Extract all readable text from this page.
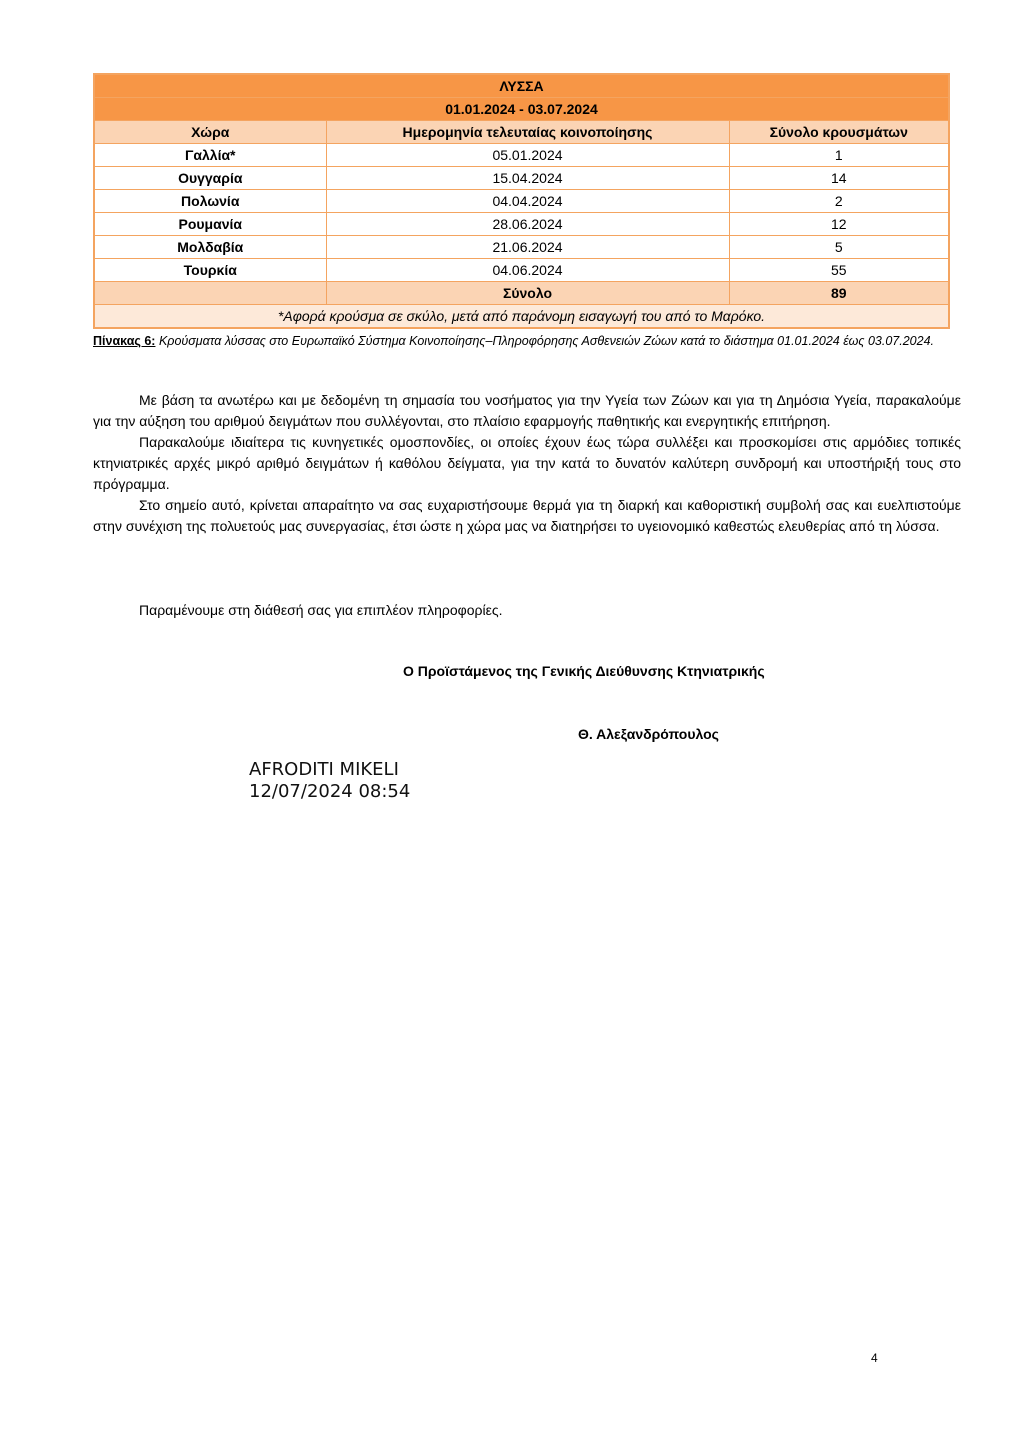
ΛΥΣΣΑ		
01.01.2024 - 03.07.2024		
Χώρα	Ημερομηνία τελευταίας κοινοποίησης	Σύνολο κρουσμάτων
Γαλλία*	05.01.2024	1
Ουγγαρία	15.04.2024	14
Πολωνία	04.04.2024	2
Ρουμανία	28.06.2024	12
Μολδαβία	21.06.2024	5
Τουρκία	04.06.2024	55
	Σύνολο	89
*Αφορά κρούσμα σε σκύλο, μετά από παράνομη εισαγωγή του από το Μαρόκο.		
Πίνακας 6: Κρούσματα λύσσας στο Ευρωπαϊκό Σύστημα Κοινοποίησης–Πληροφόρησης Ασθενειών Ζώων κατά το διάστημα 01.01.2024 έως 03.07.2024.

Με βάση τα ανωτέρω και με δεδομένη τη σημασία του νοσήματος για την Υγεία των Ζώων και για τη Δημόσια Υγεία, παρακαλούμε για την αύξηση του αριθμού δειγμάτων που συλλέγονται, στο πλαίσιο εφαρμογής παθητικής και ενεργητικής επιτήρηση.

Παρακαλούμε ιδιαίτερα τις κυνηγετικές ομοσπονδίες, οι οποίες έχουν έως τώρα συλλέξει και προσκομίσει στις αρμόδιες τοπικές κτηνιατρικές αρχές μικρό αριθμό δειγμάτων ή καθόλου δείγματα, για την κατά το δυνατόν καλύτερη συνδρομή και υποστήριξή τους στο πρόγραμμα.

Στο σημείο αυτό, κρίνεται απαραίτητο να σας ευχαριστήσουμε θερμά για τη διαρκή και καθοριστική συμβολή σας και ευελπιστούμε στην συνέχιση της πολυετούς μας συνεργασίας, έτσι ώστε η χώρα μας να διατηρήσει το υγειονομικό καθεστώς ελευθερίας από τη λύσσα.

Παραμένουμε στη διάθεσή σας για επιπλέον πληροφορίες.
Ο Προϊστάμενος της Γενικής Διεύθυνσης Κτηνιατρικής
Θ. Αλεξανδρόπουλος
AFRODITI MIKELI
12/07/2024 08:54
4
